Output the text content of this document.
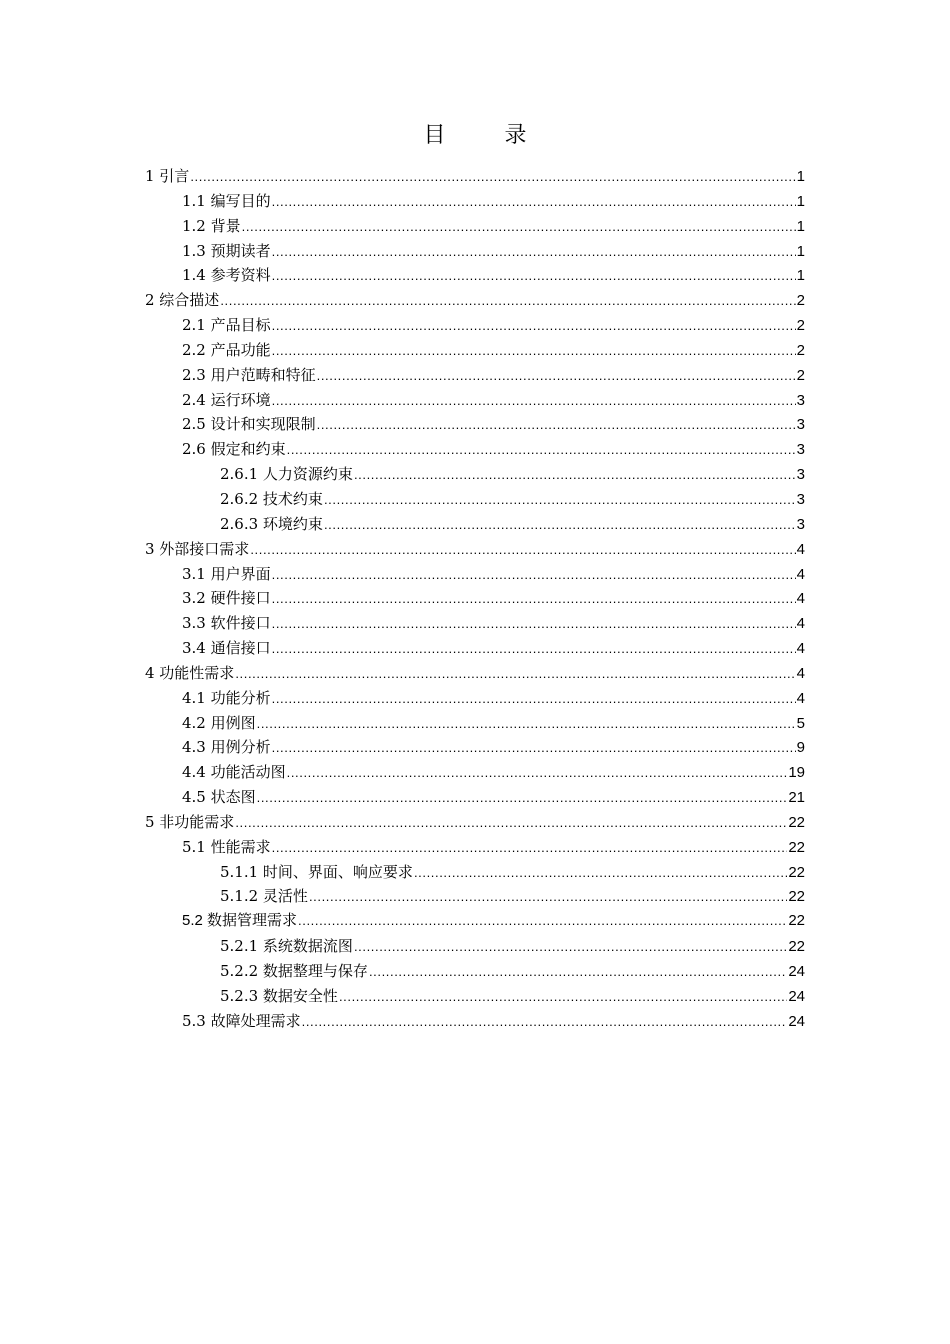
目 录
1 引言 .....	1
1.1 编写目的 .....	1
1.2 背景 .....	1
1.3 预期读者 .....	1
1.4 参考资料 .....	1
2 综合描述 .....	2
2.1 产品目标 .....	2
2.2 产品功能 .....	2
2.3 用户范畴和特征 .....	2
2.4 运行环境 .....	3
2.5 设计和实现限制 .....	3
2.6 假定和约束 .....	3
2.6.1 人力资源约束 .....	3
2.6.2 技术约束 .....	3
2.6.3 环境约束 .....	3
3 外部接口需求 .....	4
3.1 用户界面 .....	4
3.2 硬件接口 .....	4
3.3 软件接口 .....	4
3.4 通信接口 .....	4
4 功能性需求 .....	4
4.1 功能分析 .....	4
4.2 用例图 .....	5
4.3 用例分析 .....	9
4.4 功能活动图 .....	19
4.5 状态图 .....	21
5 非功能需求 .....	22
5.1 性能需求 .....	22
5.1.1 时间、界面、响应要求 .....	22
5.1.2 灵活性 .....	22
5.2 数据管理需求 .....	22
5.2.1 系统数据流图 .....	22
5.2.2 数据整理与保存 .....	24
5.2.3 数据安全性 .....	24
5.3 故障处理需求 .....	24
